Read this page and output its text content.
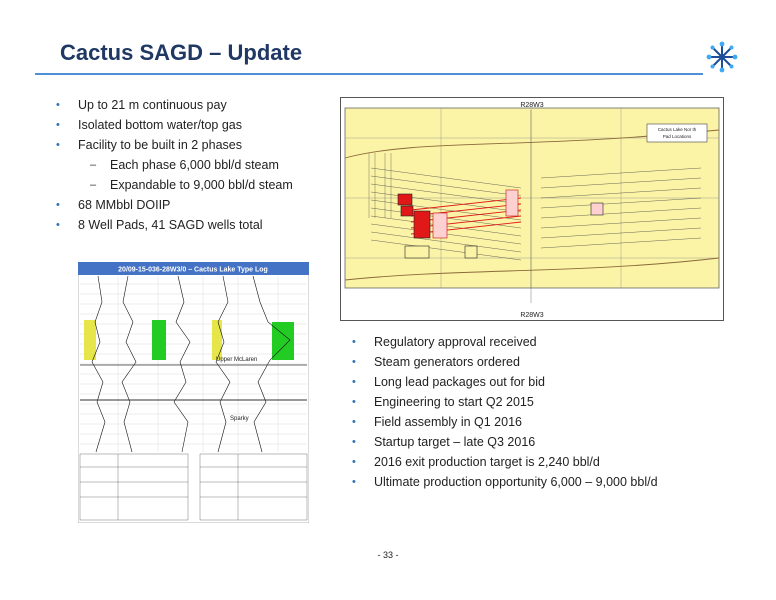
Cactus SAGD – Update
• Up to 21 m continuous pay
• Isolated bottom water/top gas
• Facility to be built in 2 phases
– Each phase 6,000 bbl/d steam
– Expandable to 9,000 bbl/d steam
• 68 MMbbl DOIIP
• 8 Well Pads, 41 SAGD wells total
R28W3
R28W3
Cactus Lake Nor th
Pad Locations
20/09-15-036-28W3/0 – Cactus Lake Type Log
Upper McLaren
Sparky
• Regulatory approval received
• Steam generators ordered
• Long lead packages out for bid
• Engineering to start Q2 2015
• Field assembly in Q1 2016
• Startup target – late Q3 2016
• 2016 exit production target is 2,240 bbl/d
• Ultimate production opportunity 6,000 – 9,000 bbl/d
- 33 -
